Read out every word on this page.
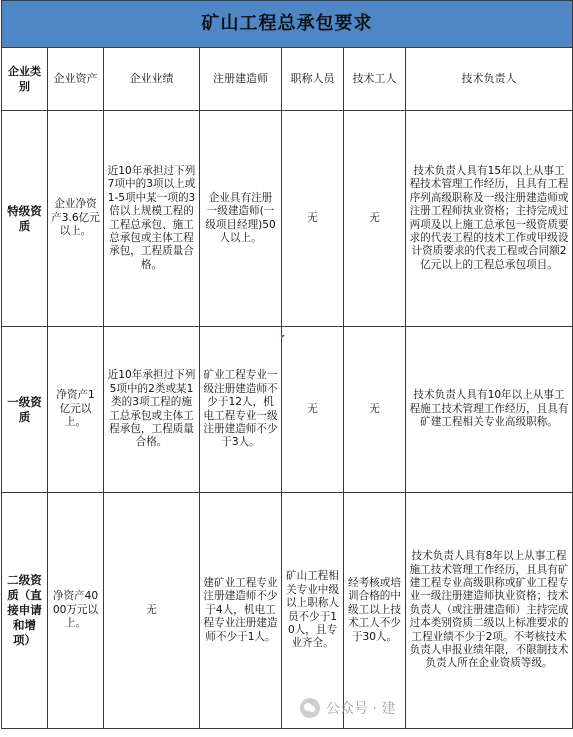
矿山工程总承包要求						
企业类别	企业资产	企业业绩	注册建造师	职称人员	技术工人	技术负责人
特级资质	企业净资产3.6亿元以上。	近10年承担过下列7项中的3项以上或1-5项中某一项的3倍以上规模工程的工程总承包、施工总承包或主体工程承包，工程质量合格。	企业具有注册 一级建造师(一级项目经理)50人以上。	无	无	技术负责人具有15年以上从事工程技术管理工作经历，且具有工程序列高级职称及一级注册建造师或注册工程师执业资格；主持完成过两项及以上施工总承包一级资质要求的代表工程的技术工作或甲级设计资质要求的代表工程或合同额2亿元以上的工程总承包项目。
一级资质	净资产1亿元以上。	近10年承担过下列5项中的2类或某1类的3项工程的施工总承包或主体工程承包，工程质量合格。	矿业工程专业一级注册建造师不少于12人，机电工程专业一级注册建造师不少于3人。	无	无	技术负责人具有10年以上从事工程施工技术管理工作经历，且具有矿建工程相关专业高级职称。
二级资质（直接申请和增项）	净资产4000万元以上。	无	建矿业工程专业注册建造师不少于4人，机电工程专业注册建造师不少于1人。	矿山工程相关专业中级以上职称人员不少于10人，且专业齐全。	经考核或培训合格的中级工以上技术工人不少于30人。	技术负责人具有8年以上从事工程施工技术管理工作经历，且具有矿建工程专业高级职称或矿业工程专业一级注册建造师执业资格；技术负责人（或注册建造师）主持完成过本类别资质二级以上标准要求的工程业绩不少于2项。不考核技术负责人申报业绩年限，不限制技术负责人所在企业资质等级。
公众号 · 建
